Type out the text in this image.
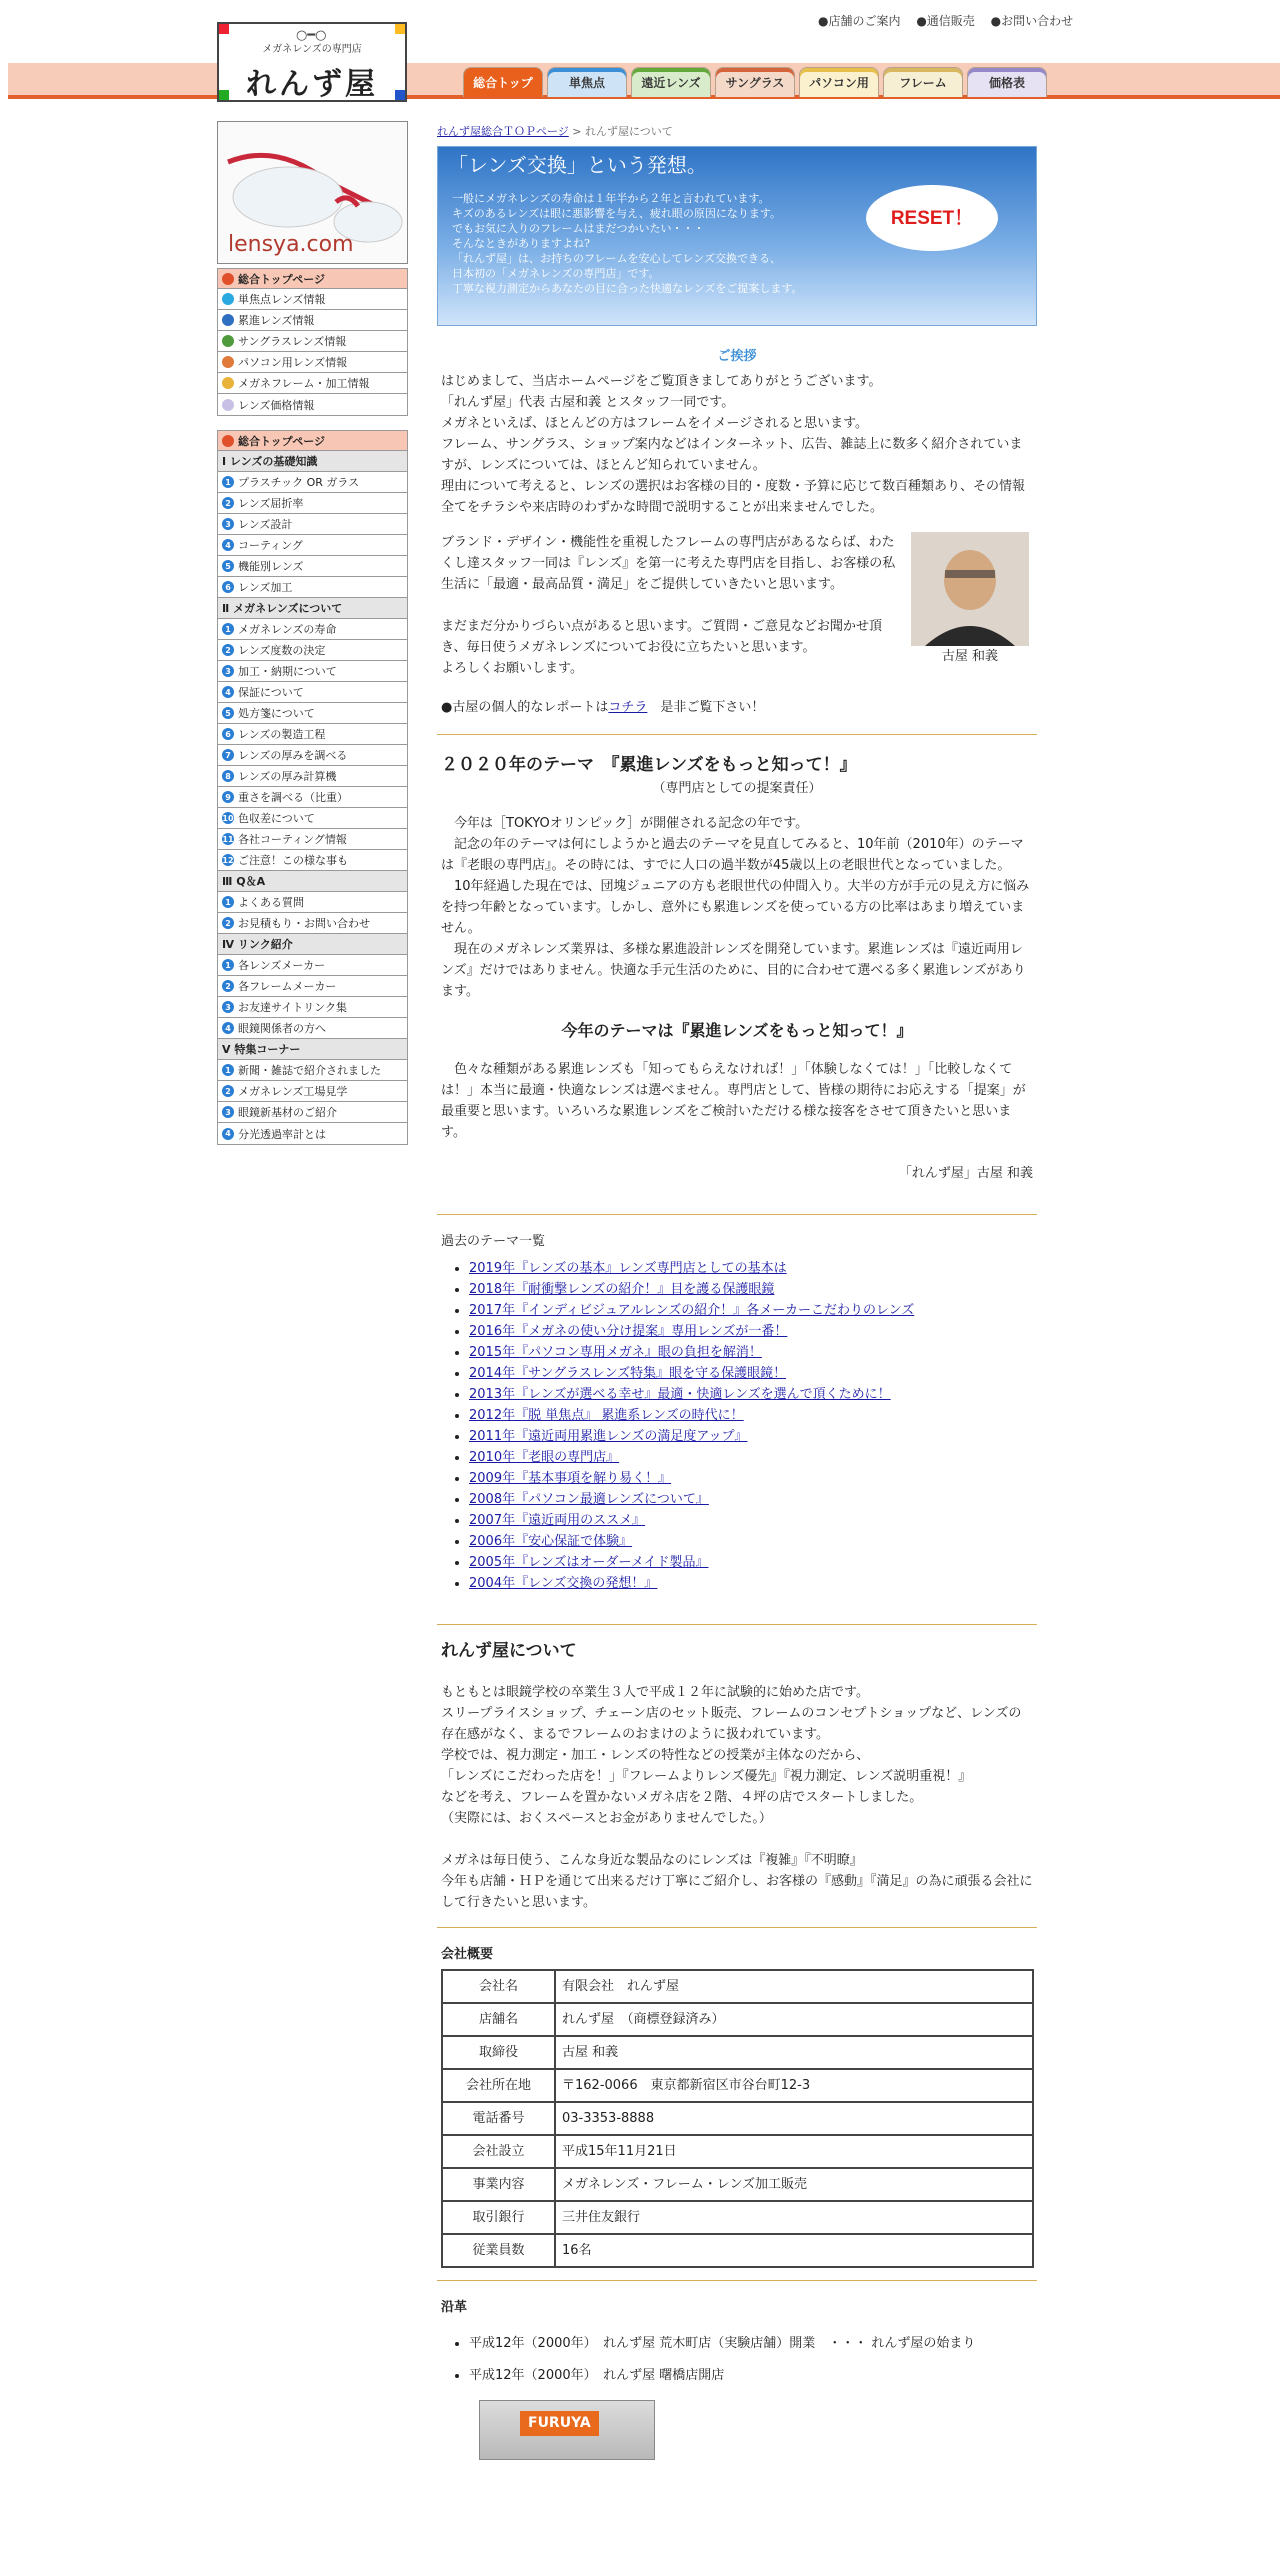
●店舗のご案内 ●通信販売 ●お問い合わせ
○━○
メガネレンズの専門店
れんず屋	総合トップ	単焦点	遠近レンズ	サングラス	パソコン用	フレーム	価格表
lensya.com
総合トップページ
単焦点レンズ情報
累進レンズ情報
サングラスレンズ情報
パソコン用レンズ情報
メガネフレーム・加工情報
レンズ価格情報
総合トップページ
Ⅰ レンズの基礎知識
1 プラスチック OR ガラス
2 レンズ屈折率
3 レンズ設計
4 コーティング
5 機能別レンズ
6 レンズ加工
Ⅱ メガネレンズについて
1 メガネレンズの寿命
2 レンズ度数の決定
3 加工・納期について
4 保証について
5 処方箋について
6 レンズの製造工程
7 レンズの厚みを調べる
8 レンズの厚み計算機
9 重さを調べる（比重）
10 色収差について
11 各社コーティング情報
12 ご注意！この様な事も
Ⅲ Q＆A
1 よくある質問
2 お見積もり・お問い合わせ
Ⅳ リンク紹介
1 各レンズメーカー
2 各フレームメーカー
3 お友達サイトリンク集
4 眼鏡関係者の方へ
Ⅴ 特集コーナー
1 新聞・雑誌で紹介されました
2 メガネレンズ工場見学
3 眼鏡新基材のご紹介
4 分光透過率計とは
れんず屋総合ＴＯＰページ > れんず屋について
「レンズ交換」という発想。
一般にメガネレンズの寿命は１年半から２年と言われています。
キズのあるレンズは眼に悪影響を与え、疲れ眼の原因になります。
でもお気に入りのフレームはまだつかいたい・・・
そんなときがありますよね?
「れんず屋」は、お持ちのフレームを安心してレンズ交換できる、
日本初の「メガネレンズの専門店」です。
丁寧な視力測定からあなたの目に合った快適なレンズをご提案します。
RESET！
ご挨拶
はじめまして、当店ホームページをご覧頂きましてありがとうございます。
「れんず屋」代表 古屋和義 とスタッフ一同です。
メガネといえば、ほとんどの方はフレームをイメージされると思います。
フレーム、サングラス、ショップ案内などはインターネット、広告、雑誌上に数多く紹介されていますが、レンズについては、ほとんど知られていません。
理由について考えると、レンズの選択はお客様の目的・度数・予算に応じて数百種類あり、その情報全てをチラシや来店時のわずかな時間で説明することが出来ませんでした。
古屋 和義
ブランド・デザイン・機能性を重視したフレームの専門店があるならば、わたくし達スタッフ一同は『レンズ』を第一に考えた専門店を目指し、お客様の私生活に「最適・最高品質・満足」をご提供していきたいと思います。
まだまだ分かりづらい点があると思います。ご質問・ご意見などお聞かせ頂き、毎日使うメガネレンズについてお役に立ちたいと思います。
よろしくお願いします。
●古屋の個人的なレポートはコチラ　是非ご覧下さい！
２０２０年のテーマ　『累進レンズをもっと知って！』
（専門店としての提案責任）
　今年は［TOKYOオリンピック］が開催される記念の年です。
　記念の年のテーマは何にしようかと過去のテーマを見直してみると、10年前（2010年）のテーマは『老眼の専門店』。その時には、すでに人口の過半数が45歳以上の老眼世代となっていました。
　10年経過した現在では、団塊ジュニアの方も老眼世代の仲間入り。大半の方が手元の見え方に悩みを持つ年齢となっています。しかし、意外にも累進レンズを使っている方の比率はあまり増えていません。
　現在のメガネレンズ業界は、多様な累進設計レンズを開発しています。累進レンズは『遠近両用レンズ』だけではありません。快適な手元生活のために、目的に合わせて選べる多く累進レンズがあります。
今年のテーマは『累進レンズをもっと知って！』
　色々な種類がある累進レンズも「知ってもらえなければ！」「体験しなくては！」「比較しなくては！」本当に最適・快適なレンズは選べません。専門店として、皆様の期待にお応えする「提案」が最重要と思います。いろいろな累進レンズをご検討いただける様な接客をさせて頂きたいと思います。
「れんず屋」古屋 和義
過去のテーマ一覧
• 2019年『レンズの基本』レンズ専門店としての基本は
• 2018年『耐衝撃レンズの紹介！』目を護る保護眼鏡
• 2017年『インディビジュアルレンズの紹介！』各メーカーこだわりのレンズ
• 2016年『メガネの使い分け提案』専用レンズが一番！
• 2015年『パソコン専用メガネ』眼の負担を解消！
• 2014年『サングラスレンズ特集』眼を守る保護眼鏡！
• 2013年『レンズが選べる幸せ』最適・快適レンズを選んで頂くために！
• 2012年『脱 単焦点』 累進系レンズの時代に！
• 2011年『遠近両用累進レンズの満足度アップ』
• 2010年『老眼の専門店』
• 2009年『基本事項を解り易く！』
• 2008年『パソコン最適レンズについて』
• 2007年『遠近両用のススメ』
• 2006年『安心保証で体験』
• 2005年『レンズはオーダーメイド製品』
• 2004年『レンズ交換の発想！』
れんず屋について
もともとは眼鏡学校の卒業生３人で平成１２年に試験的に始めた店です。
スリープライスショップ、チェーン店のセット販売、フレームのコンセプトショップなど、レンズの存在感がなく、まるでフレームのおまけのように扱われています。
学校では、視力測定・加工・レンズの特性などの授業が主体なのだから、
「レンズにこだわった店を！」『フレームよりレンズ優先』『視力測定、レンズ説明重視！』
などを考え、フレームを置かないメガネ店を２階、４坪の店でスタートしました。
（実際には、おくスペースとお金がありませんでした。）
メガネは毎日使う、こんな身近な製品なのにレンズは『複雑』『不明瞭』
今年も店舗・ＨＰを通じて出来るだけ丁寧にご紹介し、お客様の『感動』『満足』の為に頑張る会社にして行きたいと思います。
会社概要
会社名	有限会社　れんず屋
店舗名	れんず屋　（商標登録済み）
取締役	古屋 和義
会社所在地	〒162-0066　東京都新宿区市谷台町12-3
電話番号	03-3353-8888
会社設立	平成15年11月21日
事業内容	メガネレンズ・フレーム・レンズ加工販売
取引銀行	三井住友銀行
従業員数	16名
沿革
• 平成12年（2000年）　れんず屋 荒木町店（実験店舗）開業　・・・ れんず屋の始まり
• 平成12年（2000年）　れんず屋 曙橋店開店
FURUYA
